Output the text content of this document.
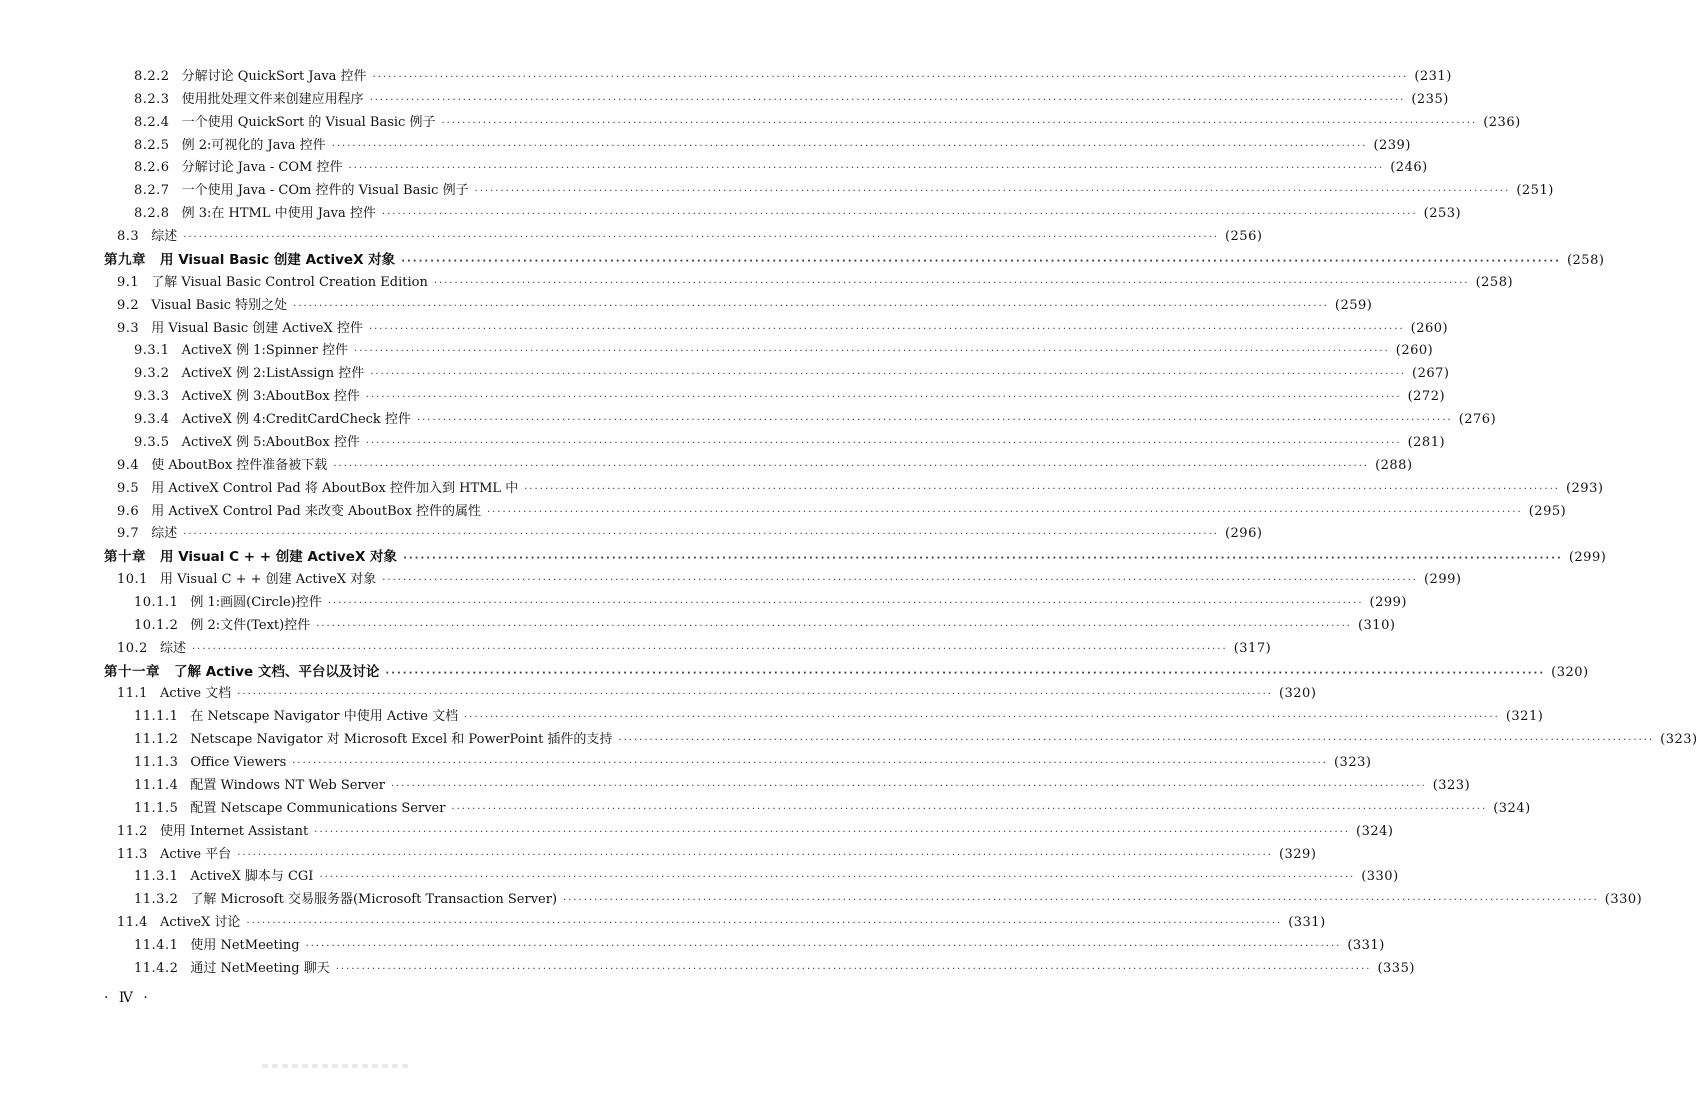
8.2.2 分解讨论 QuickSort Java 控件 ········································································································································································································ (231)
8.2.3 使用批处理文件来创建应用程序 ········································································································································································································ (235)
8.2.4 一个使用 QuickSort 的 Visual Basic 例子 ········································································································································································································ (236)
8.2.5 例 2:可视化的 Java 控件 ········································································································································································································ (239)
8.2.6 分解讨论 Java - COM 控件 ········································································································································································································ (246)
8.2.7 一个使用 Java - COm 控件的 Visual Basic 例子 ········································································································································································································ (251)
8.2.8 例 3:在 HTML 中使用 Java 控件 ········································································································································································································ (253)
8.3 综述 ········································································································································································································ (256)
第九章 用 Visual Basic 创建 ActiveX 对象 ········································································································································································································ (258)
9.1 了解 Visual Basic Control Creation Edition ········································································································································································································ (258)
9.2 Visual Basic 特别之处 ········································································································································································································ (259)
9.3 用 Visual Basic 创建 ActiveX 控件 ········································································································································································································ (260)
9.3.1 ActiveX 例 1:Spinner 控件 ········································································································································································································ (260)
9.3.2 ActiveX 例 2:ListAssign 控件 ········································································································································································································ (267)
9.3.3 ActiveX 例 3:AboutBox 控件 ········································································································································································································ (272)
9.3.4 ActiveX 例 4:CreditCardCheck 控件 ········································································································································································································ (276)
9.3.5 ActiveX 例 5:AboutBox 控件 ········································································································································································································ (281)
9.4 使 AboutBox 控件准备被下载 ········································································································································································································ (288)
9.5 用 ActiveX Control Pad 将 AboutBox 控件加入到 HTML 中 ········································································································································································································ (293)
9.6 用 ActiveX Control Pad 来改变 AboutBox 控件的属性 ········································································································································································································ (295)
9.7 综述 ········································································································································································································ (296)
第十章 用 Visual C + + 创建 ActiveX 对象 ········································································································································································································ (299)
10.1 用 Visual C + + 创建 ActiveX 对象 ········································································································································································································ (299)
10.1.1 例 1:画圆(Circle)控件 ········································································································································································································ (299)
10.1.2 例 2:文件(Text)控件 ········································································································································································································ (310)
10.2 综述 ········································································································································································································ (317)
第十一章 了解 Active 文档、平台以及讨论 ········································································································································································································ (320)
11.1 Active 文档 ········································································································································································································ (320)
11.1.1 在 Netscape Navigator 中使用 Active 文档 ········································································································································································································ (321)
11.1.2 Netscape Navigator 对 Microsoft Excel 和 PowerPoint 插件的支持 ········································································································································································································ (323)
11.1.3 Office Viewers ········································································································································································································ (323)
11.1.4 配置 Windows NT Web Server ········································································································································································································ (323)
11.1.5 配置 Netscape Communications Server ········································································································································································································ (324)
11.2 使用 Internet Assistant ········································································································································································································ (324)
11.3 Active 平台 ········································································································································································································ (329)
11.3.1 ActiveX 脚本与 CGI ········································································································································································································ (330)
11.3.2 了解 Microsoft 交易服务器(Microsoft Transaction Server) ········································································································································································································ (330)
11.4 ActiveX 讨论 ········································································································································································································ (331)
11.4.1 使用 NetMeeting ········································································································································································································ (331)
11.4.2 通过 NetMeeting 聊天 ········································································································································································································ (335)
· Ⅳ ·
